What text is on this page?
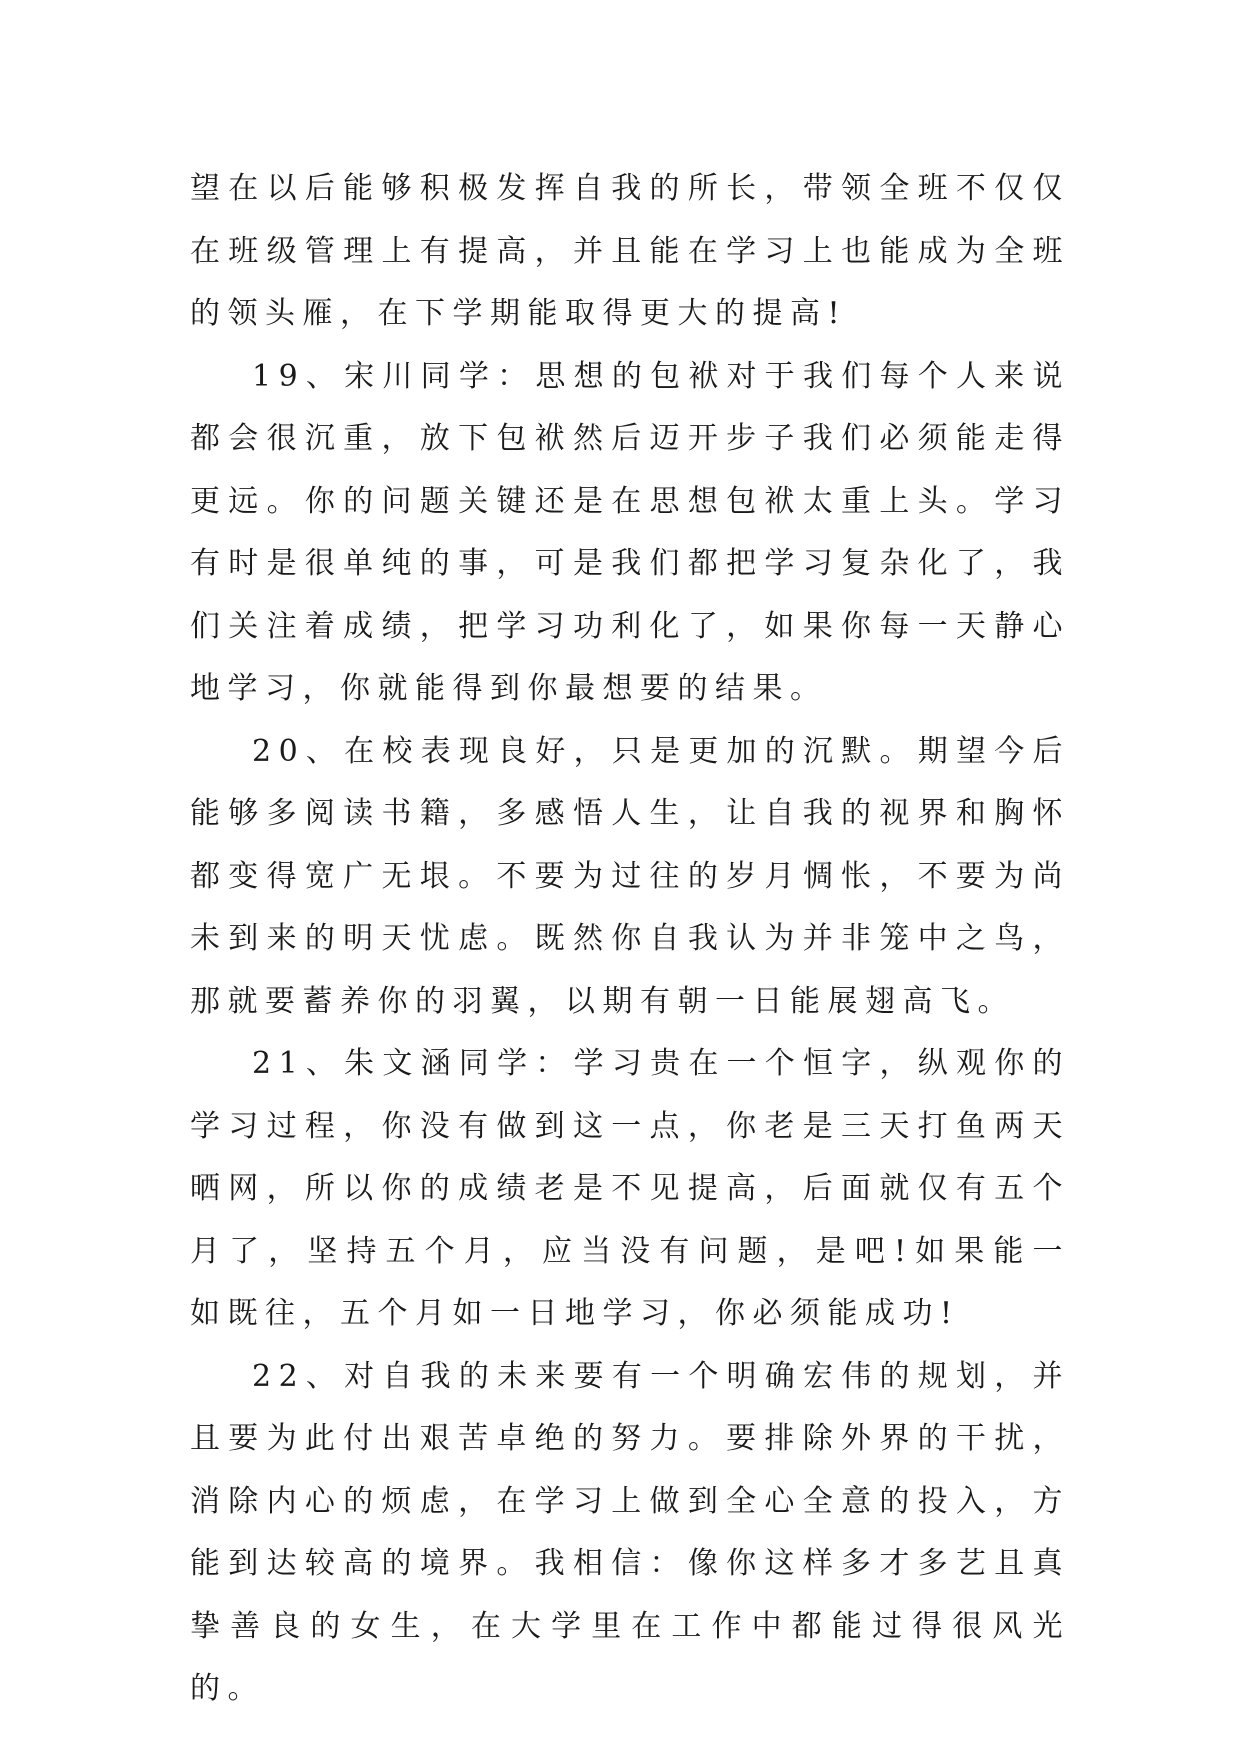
望在以后能够积极发挥自我的所长，带领全班不仅仅在班级管理上有提高，并且能在学习上也能成为全班的领头雁，在下学期能取得更大的提高!

19、宋川同学：思想的包袱对于我们每个人来说都会很沉重，放下包袱然后迈开步子我们必须能走得更远。你的问题关键还是在思想包袱太重上头。学习有时是很单纯的事，可是我们都把学习复杂化了，我们关注着成绩，把学习功利化了，如果你每一天静心地学习，你就能得到你最想要的结果。

20、在校表现良好，只是更加的沉默。期望今后能够多阅读书籍，多感悟人生，让自我的视界和胸怀都变得宽广无垠。不要为过往的岁月惆怅，不要为尚未到来的明天忧虑。既然你自我认为并非笼中之鸟，那就要蓄养你的羽翼，以期有朝一日能展翅高飞。

21、朱文涵同学：学习贵在一个恒字，纵观你的学习过程，你没有做到这一点，你老是三天打鱼两天晒网，所以你的成绩老是不见提高，后面就仅有五个月了，坚持五个月，应当没有问题，是吧!如果能一如既往，五个月如一日地学习，你必须能成功!

22、对自我的未来要有一个明确宏伟的规划，并且要为此付出艰苦卓绝的努力。要排除外界的干扰，消除内心的烦虑，在学习上做到全心全意的投入，方能到达较高的境界。我相信：像你这样多才多艺且真挚善良的女生，在大学里在工作中都能过得很风光的。
